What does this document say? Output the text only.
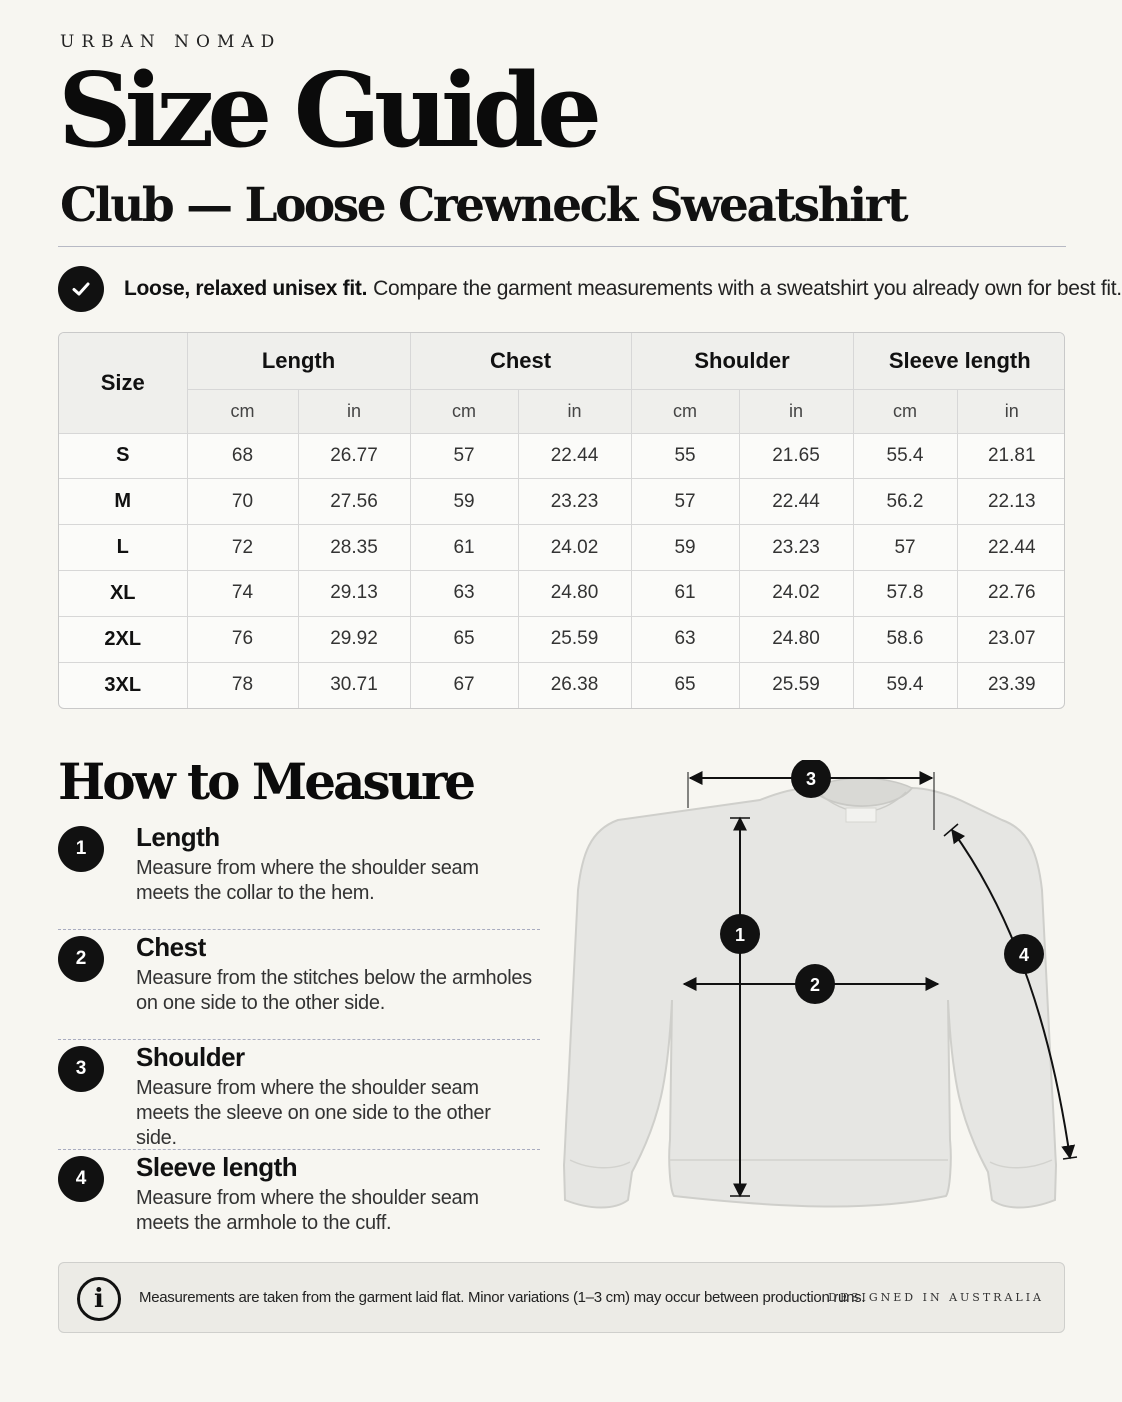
URBAN NOMAD
Size Guide
Club — Loose Crewneck Sweatshirt
Loose, relaxed unisex fit. Compare the garment measurements with a sweatshirt you already own for best fit.
Size	Length		Chest		Shoulder		Sleeve length	
	cm	in	cm	in	cm	in	cm	in
S	68	26.77	57	22.44	55	21.65	55.4	21.81
M	70	27.56	59	23.23	57	22.44	56.2	22.13
L	72	28.35	61	24.02	59	23.23	57	22.44
XL	74	29.13	63	24.80	61	24.02	57.8	22.76
2XL	76	29.92	65	25.59	63	24.80	58.6	23.07
3XL	78	30.71	67	26.38	65	25.59	59.4	23.39
How to Measure
1	Length
Measure from where the shoulder seam meets the collar to the hem.
2	Chest
Measure from the stitches below the armholes on one side to the other side.
3	Shoulder
Measure from where the shoulder seam meets the sleeve on one side to the other side.
4	Sleeve length
Measure from where the shoulder seam meets the armhole to the cuff.
3
1
2
4
i	Measurements are taken from the garment laid flat. Minor variations (1–3 cm) may occur between production runs.
DESIGNED IN AUSTRALIA
